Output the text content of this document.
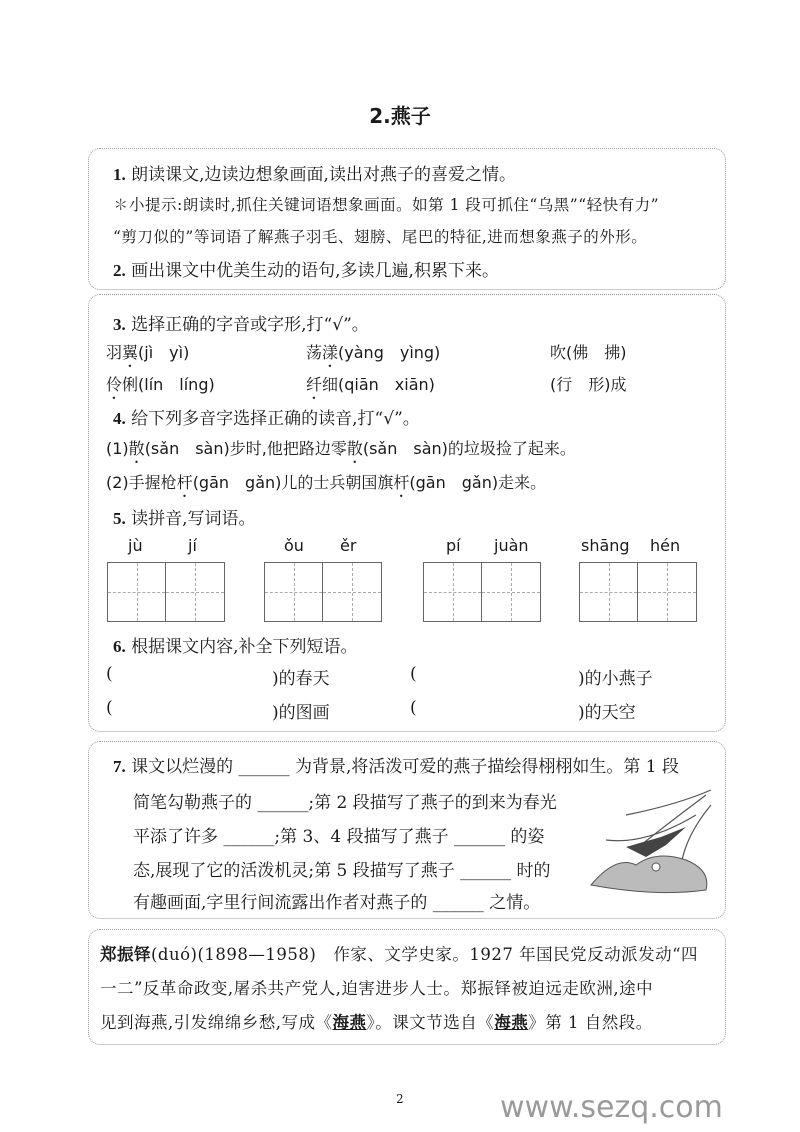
2.燕子
1. 朗读课文,边读边想象画面,读出对燕子的喜爱之情。
✽小提示:朗读时,抓住关键词语想象画面。如第 1 段可抓住“乌黑”“轻快有力”
“剪刀似的”等词语了解燕子羽毛、翅膀、尾巴的特征,进而想象燕子的外形。
2. 画出课文中优美生动的语句,多读几遍,积累下来。
3. 选择正确的字音或字形,打“√”。
羽翼(jì　yì)	荡漾(yàng　yìng)	吹(佛　拂)
伶俐(lín　líng)	纤细(qiān　xiān)	(行　形)成
4. 给下列多音字选择正确的读音,打“√”。
(1)散(sǎn　sàn)步时,他把路边零散(sǎn　sàn)的垃圾捡了起来。
(2)手握枪杆(gān　gǎn)儿的士兵朝国旗杆(gān　gǎn)走来。
5. 读拼音,写词语。
jù	jí	ǒu ěr	pí juàn	shāng hén
6. 根据课文内容,补全下列短语。
(	)的春天	(	)的小燕子
(	)的图画	(	)的天空
7. 课文以烂漫的 ______ 为背景,将活泼可爱的燕子描绘得栩栩如生。第 1 段
简笔勾勒燕子的 ______;第 2 段描写了燕子的到来为春光
平添了许多 ______;第 3、4 段描写了燕子 ______ 的姿
态,展现了它的活泼机灵;第 5 段描写了燕子 ______ 时的
有趣画面,字里行间流露出作者对燕子的 ______ 之情。
郑振铎(duó)(1898—1958)　作家、文学史家。1927 年国民党反动派发动“四
一二”反革命政变,屠杀共产党人,迫害进步人士。郑振铎被迫远走欧洲,途中
见到海燕,引发绵绵乡愁,写成《海燕》。课文节选自《海燕》第 1 自然段。
2	www.sezq.com
